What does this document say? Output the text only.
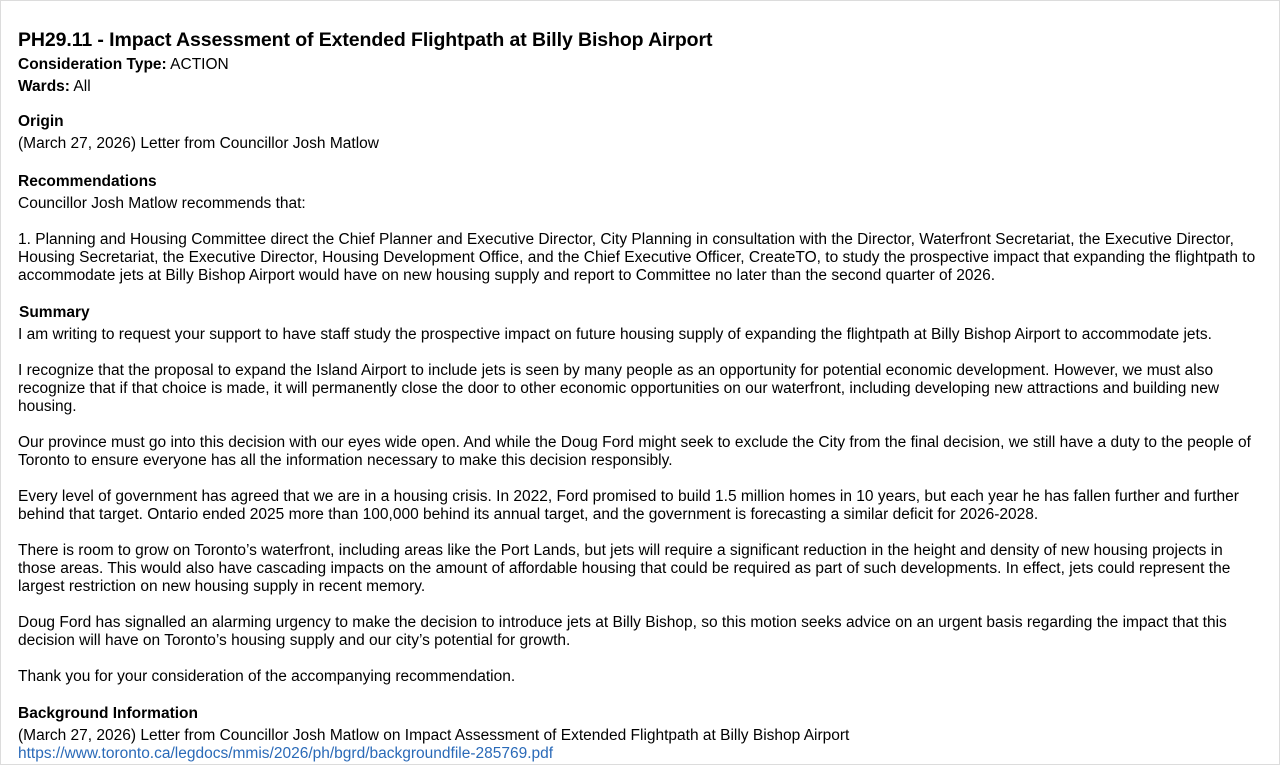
PH29.11 - Impact Assessment of Extended Flightpath at Billy Bishop Airport
Consideration Type: ACTION
Wards: All
Origin

(March 27, 2026) Letter from Councillor Josh Matlow

Recommendations

Councillor Josh Matlow recommends that:

1. Planning and Housing Committee direct the Chief Planner and Executive Director, City Planning in consultation with the Director, Waterfront Secretariat, the Executive Director, Housing Secretariat, the Executive Director, Housing Development Office, and the Chief Executive Officer, CreateTO, to study the prospective impact that expanding the flightpath to accommodate jets at Billy Bishop Airport would have on new housing supply and report to Committee no later than the second quarter of 2026.

Summary

I am writing to request your support to have staff study the prospective impact on future housing supply of expanding the flightpath at Billy Bishop Airport to accommodate jets.

I recognize that the proposal to expand the Island Airport to include jets is seen by many people as an opportunity for potential economic development. However, we must also recognize that if that choice is made, it will permanently close the door to other economic opportunities on our waterfront, including developing new attractions and building new housing.

Our province must go into this decision with our eyes wide open. And while the Doug Ford might seek to exclude the City from the final decision, we still have a duty to the people of Toronto to ensure everyone has all the information necessary to make this decision responsibly.

Every level of government has agreed that we are in a housing crisis. In 2022, Ford promised to build 1.5 million homes in 10 years, but each year he has fallen further and further behind that target. Ontario ended 2025 more than 100,000 behind its annual target, and the government is forecasting a similar deficit for 2026-2028.

There is room to grow on Toronto’s waterfront, including areas like the Port Lands, but jets will require a significant reduction in the height and density of new housing projects in those areas. This would also have cascading impacts on the amount of affordable housing that could be required as part of such developments. In effect, jets could represent the largest restriction on new housing supply in recent memory.

Doug Ford has signalled an alarming urgency to make the decision to introduce jets at Billy Bishop, so this motion seeks advice on an urgent basis regarding the impact that this decision will have on Toronto’s housing supply and our city’s potential for growth.

Thank you for your consideration of the accompanying recommendation.

Background Information

(March 27, 2026) Letter from Councillor Josh Matlow on Impact Assessment of Extended Flightpath at Billy Bishop Airport

https://www.toronto.ca/legdocs/mmis/2026/ph/bgrd/backgroundfile-285769.pdf
